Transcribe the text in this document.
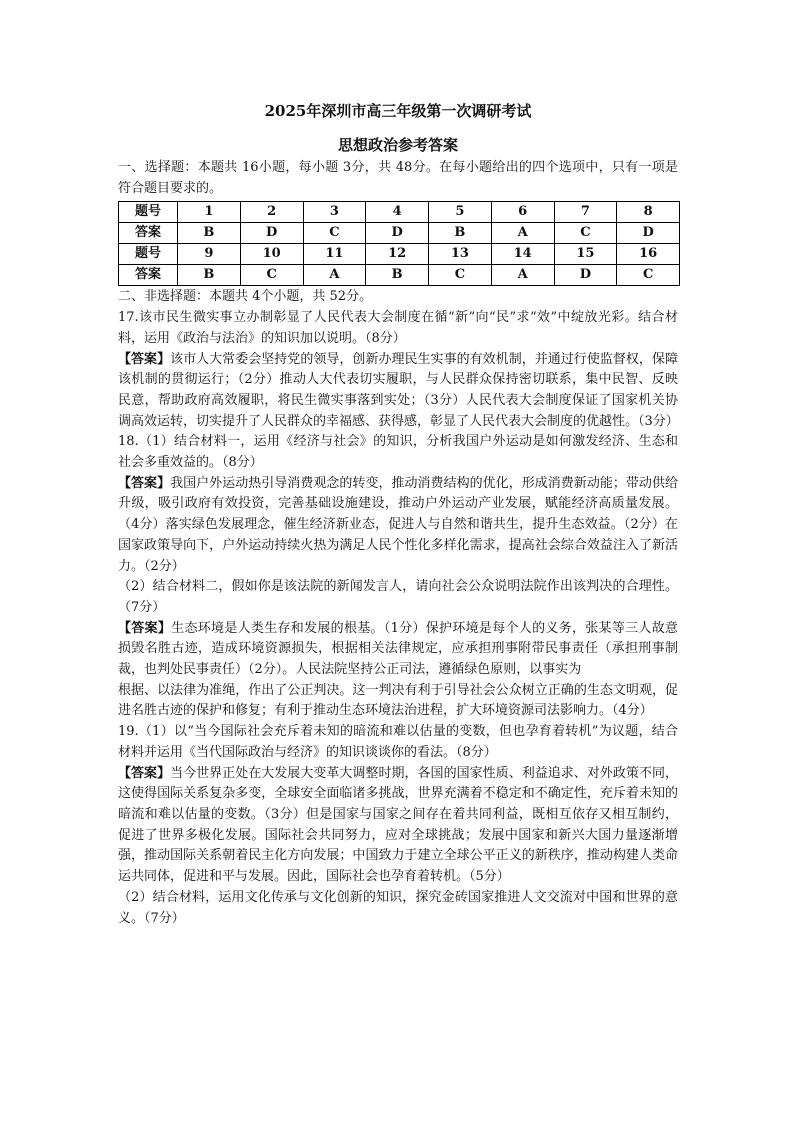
2025年深圳市高三年级第一次调研考试
思想政治参考答案

一、选择题：本题共 16小题，每小题 3分，共 48分。在每小题给出的四个选项中，只有一项是符合题目要求的。

题号	1	2	3	4	5	6	7	8
答案	B	D	C	D	B	A	C	D
题号	9	10	11	12	13	14	15	16
答案	B	C	A	B	C	A	D	C

二、非选择题：本题共 4个小题，共 52分。

17.该市民生微实事立办制彰显了人民代表大会制度在循“新”向“民”求“效”中绽放光彩。结合材料，运用《政治与法治》的知识加以说明。（8分）

【答案】该市人大常委会坚持党的领导，创新办理民生实事的有效机制，并通过行使监督权，保障该机制的贯彻运行；（2分）推动人大代表切实履职，与人民群众保持密切联系，集中民智、反映民意，帮助政府高效履职，将民生微实事落到实处；（3分）人民代表大会制度保证了国家机关协调高效运转，切实提升了人民群众的幸福感、获得感，彰显了人民代表大会制度的优越性。（3分）

18.（1）结合材料一，运用《经济与社会》的知识，分析我国户外运动是如何激发经济、生态和社会多重效益的。（8分）

【答案】我国户外运动热引导消费观念的转变，推动消费结构的优化，形成消费新动能；带动供给升级，吸引政府有效投资，完善基础设施建设，推动户外运动产业发展，赋能经济高质量发展。（4分）落实绿色发展理念，催生经济新业态，促进人与自然和谐共生，提升生态效益。（2分）在国家政策导向下，户外运动持续火热为满足人民个性化多样化需求，提高社会综合效益注入了新活力。（2分）

（2）结合材料二，假如你是该法院的新闻发言人，请向社会公众说明法院作出该判决的合理性。（7分）

【答案】生态环境是人类生存和发展的根基。（1分）保护环境是每个人的义务，张某等三人故意损毁名胜古迹，造成环境资源损失，根据相关法律规定，应承担刑事附带民事责任（承担刑事制裁，也判处民事责任）（2分）。人民法院坚持公正司法，遵循绿色原则，以事实为

根据、以法律为准绳，作出了公正判决。这一判决有利于引导社会公众树立正确的生态文明观，促进名胜古迹的保护和修复；有利于推动生态环境法治进程，扩大环境资源司法影响力。（4分）

19.（1）以“当今国际社会充斥着未知的暗流和难以估量的变数，但也孕育着转机”为议题，结合材料并运用《当代国际政治与经济》的知识谈谈你的看法。（8分）

【答案】当今世界正处在大发展大变革大调整时期，各国的国家性质、利益追求、对外政策不同，这使得国际关系复杂多变，全球安全面临诸多挑战，世界充满着不稳定和不确定性，充斥着未知的暗流和难以估量的变数。（3分）但是国家与国家之间存在着共同利益，既相互依存又相互制约，促进了世界多极化发展。国际社会共同努力，应对全球挑战；发展中国家和新兴大国力量逐渐增强，推动国际关系朝着民主化方向发展；中国致力于建立全球公平正义的新秩序，推动构建人类命运共同体，促进和平与发展。因此，国际社会也孕育着转机。（5分）

（2）结合材料，运用文化传承与文化创新的知识，探究金砖国家推进人文交流对中国和世界的意义。（7分）
